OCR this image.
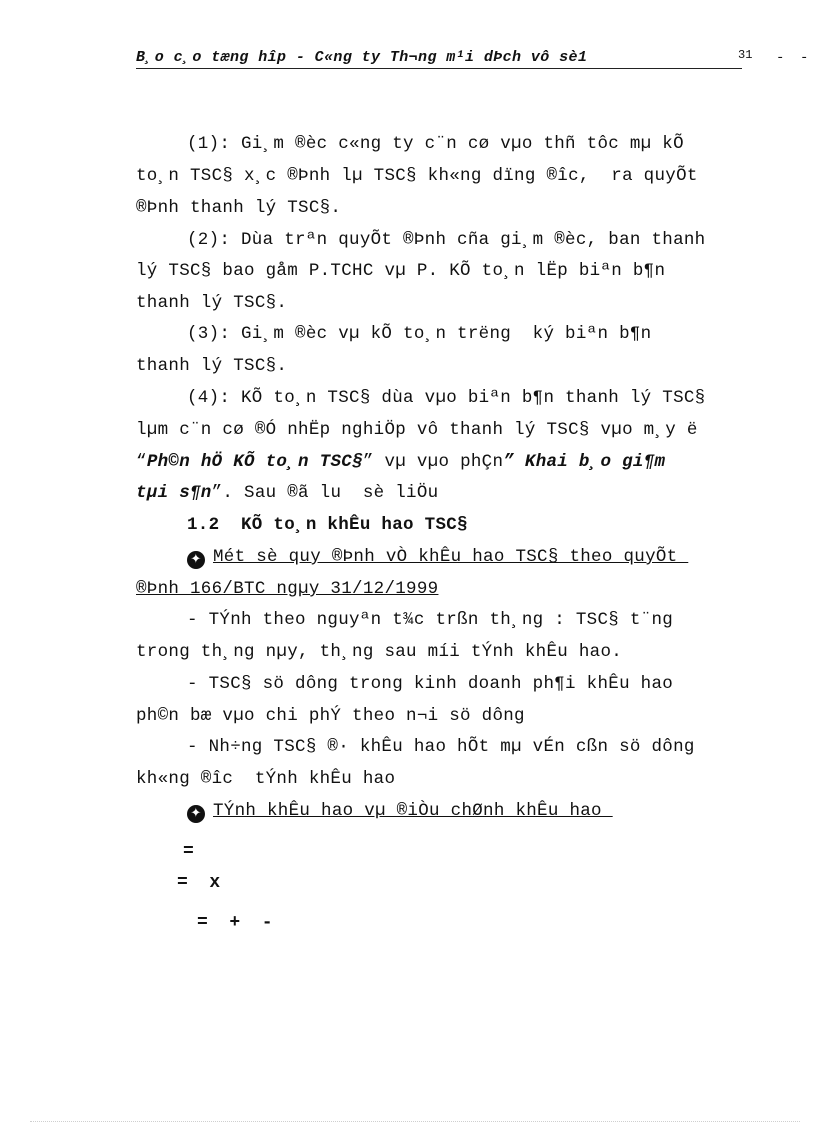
B¸o c¸o tæng hîp - C«ng ty Th¬ng m¹i dÞch vô sè1	31 - -
(1): Gi¸m ®èc c«ng ty c¨n cø vµo thñ tôc mµ kÕ
to¸n TSC§ x¸c ®Þnh lµ TSC§ kh«ng dïng ®îc,  ra quyÕt
®Þnh thanh lý TSC§.
(2): Dùa trªn quyÕt ®Þnh cña gi¸m ®èc, ban thanh
lý TSC§ bao gåm P.TCHC vµ P. KÕ to¸n lËp biªn b¶n
thanh lý TSC§.
(3): Gi¸m ®èc vµ kÕ to¸n trëng  ký biªn b¶n
thanh lý TSC§.
(4): KÕ to¸n TSC§ dùa vµo biªn b¶n thanh lý TSC§
lµm c¨n cø ®Ó nhËp nghiÖp vô thanh lý TSC§ vµo m¸y ë
“Ph©n hÖ KÕ to¸n TSC§” vµ vµo phÇn” Khai b¸o gi¶m
tµi s¶n”. Sau ®ã lu  sè liÖu
1.2  KÕ to¸n khÊu hao TSC§
✦ Mét sè quy ®Þnh vÒ khÊu hao TSC§ theo quyÕt
®Þnh 166/BTC ngµy 31/12/1999
- TÝnh theo nguyªn t¾c trßn th¸ng : TSC§ t¨ng
trong th¸ng nµy, th¸ng sau míi tÝnh khÊu hao.
- TSC§ sö dông trong kinh doanh ph¶i khÊu hao
ph©n bæ vµo chi phÝ theo n¬i sö dông
- Nh÷ng TSC§ ®· khÊu hao hÕt mµ vÉn cßn sö dông
kh«ng ®îc  tÝnh khÊu hao
✦ TÝnh khÊu hao vµ ®iÒu chØnh khÊu hao
=
=  x
=  +  -
